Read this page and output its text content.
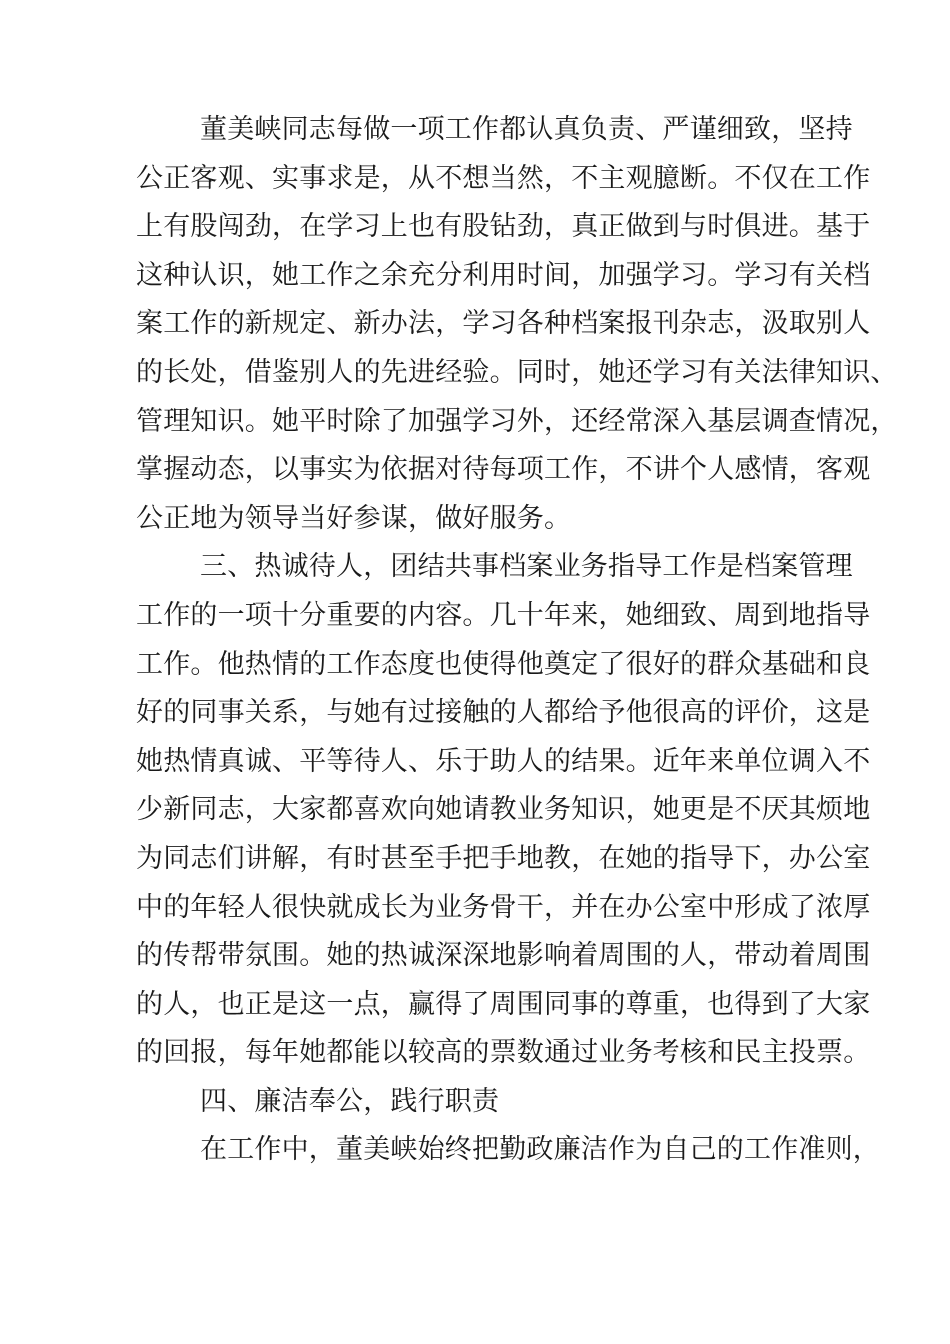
董美峡同志每做一项工作都认真负责、严谨细致，坚持
公正客观、实事求是，从不想当然，不主观臆断。不仅在工作
上有股闯劲，在学习上也有股钻劲，真正做到与时俱进。基于
这种认识，她工作之余充分利用时间，加强学习。学习有关档
案工作的新规定、新办法，学习各种档案报刊杂志，汲取别人
的长处，借鉴别人的先进经验。同时，她还学习有关法律知识、
管理知识。她平时除了加强学习外，还经常深入基层调查情况，
掌握动态，以事实为依据对待每项工作，不讲个人感情，客观
公正地为领导当好参谋，做好服务。
三、热诚待人，团结共事档案业务指导工作是档案管理
工作的一项十分重要的内容。几十年来，她细致、周到地指导
工作。他热情的工作态度也使得他奠定了很好的群众基础和良
好的同事关系，与她有过接触的人都给予他很高的评价，这是
她热情真诚、平等待人、乐于助人的结果。近年来单位调入不
少新同志，大家都喜欢向她请教业务知识，她更是不厌其烦地
为同志们讲解，有时甚至手把手地教，在她的指导下，办公室
中的年轻人很快就成长为业务骨干，并在办公室中形成了浓厚
的传帮带氛围。她的热诚深深地影响着周围的人，带动着周围
的人，也正是这一点，赢得了周围同事的尊重，也得到了大家
的回报，每年她都能以较高的票数通过业务考核和民主投票。
四、廉洁奉公，践行职责
在工作中，董美峡始终把勤政廉洁作为自己的工作准则，
